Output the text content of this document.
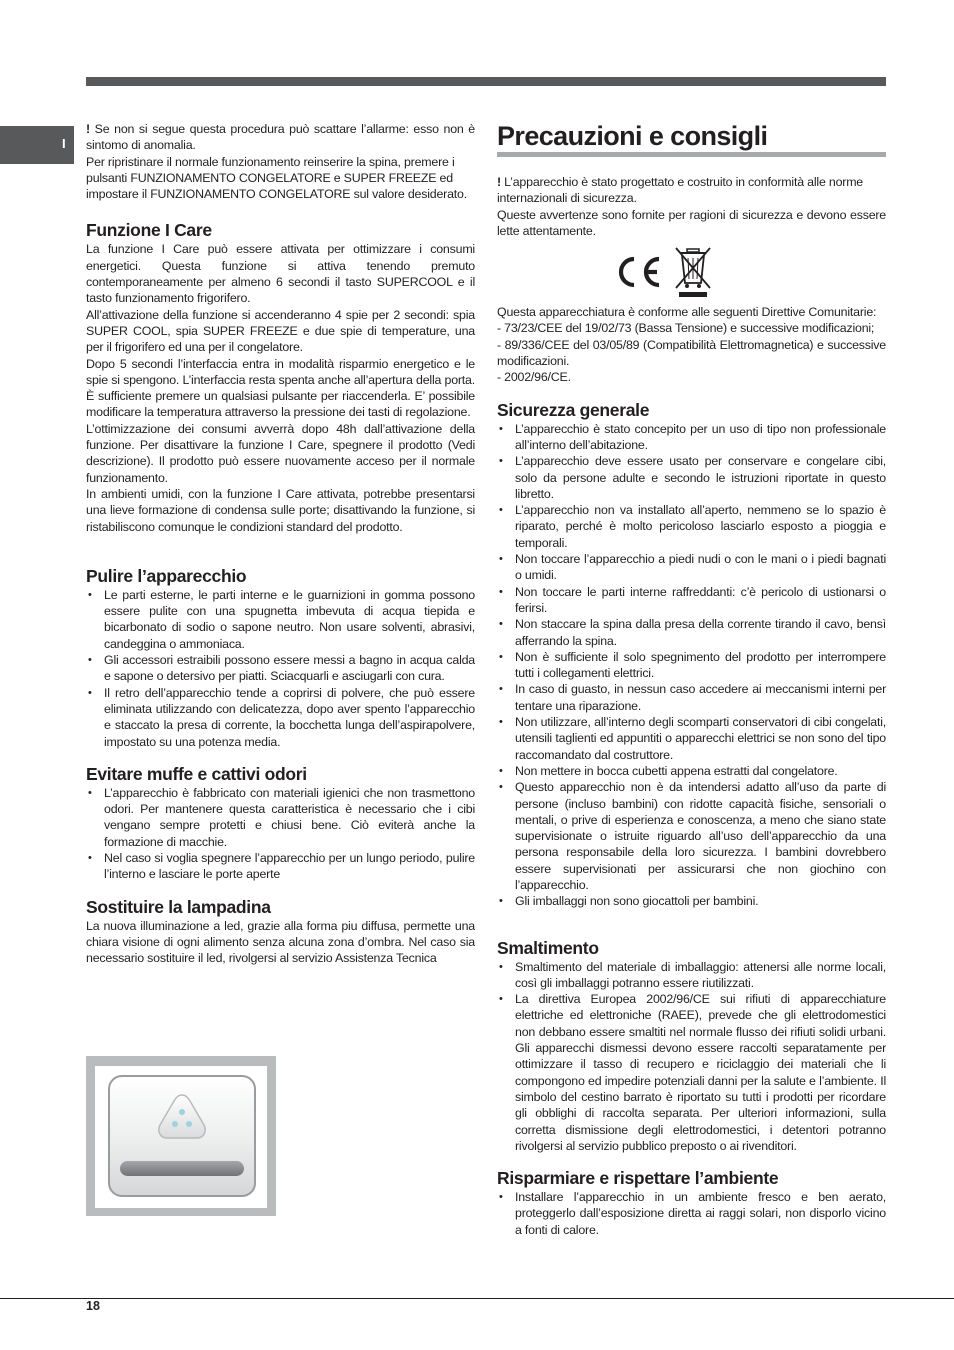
I

! Se non si segue questa procedura può scattare l’allarme: esso non è sintomo di anomalia.

Per ripristinare il normale funzionamento reinserire la spina, premere i pulsanti FUNZIONAMENTO CONGELATORE e SUPER FREEZE ed impostare il FUNZIONAMENTO CONGELATORE sul valore desiderato.

Funzione I Care

La funzione I Care può essere attivata per ottimizzare i consumi energetici. Questa funzione si attiva tenendo premuto contemporaneamente per almeno 6 secondi il tasto SUPERCOOL e il tasto funzionamento frigorifero.

All’attivazione della funzione si accenderanno 4 spie per 2 secondi: spia SUPER COOL, spia SUPER FREEZE e due spie di temperature, una per il frigorifero ed una per il congelatore.

Dopo 5 secondi l’interfaccia entra in modalità risparmio energetico e le spie si spengono. L’interfaccia resta spenta anche all’apertura della porta. È sufficiente premere un qualsiasi pulsante per riaccenderla. E’ possibile modificare la temperatura attraverso la pressione dei tasti di regolazione.

L’ottimizzazione dei consumi avverrà dopo 48h dall’attivazione della funzione. Per disattivare la funzione I Care, spegnere il prodotto (Vedi descrizione). Il prodotto può essere nuovamente acceso per il normale funzionamento.

In ambienti umidi, con la funzione I Care attivata, potrebbe presentarsi una lieve formazione di condensa sulle porte; disattivando la funzione, si ristabiliscono comunque le condizioni standard del prodotto.

Pulire l’apparecchio
• Le parti esterne, le parti interne e le guarnizioni in gomma possono essere pulite con una spugnetta imbevuta di acqua tiepida e bicarbonato di sodio o sapone neutro. Non usare solventi, abrasivi, candeggina o ammoniaca.
• Gli accessori estraibili possono essere messi a bagno in acqua calda e sapone o detersivo per piatti. Sciacquarli e asciugarli con cura.
• Il retro dell’apparecchio tende a coprirsi di polvere, che può essere eliminata utilizzando con delicatezza, dopo aver spento l’apparecchio e staccato la presa di corrente, la bocchetta lunga dell’aspirapolvere, impostato su una potenza media.
Evitare muffe e cattivi odori
• L’apparecchio è fabbricato con materiali igienici che non trasmettono odori. Per mantenere questa caratteristica è necessario che i cibi vengano sempre protetti e chiusi bene. Ciò eviterà anche la formazione di macchie.
• Nel caso si voglia spegnere l’apparecchio per un lungo periodo, pulire l’interno e lasciare le porte aperte
Sostituire la lampadina

La nuova illuminazione a led, grazie alla forma piu diffusa, permette una chiara visione di ogni alimento senza alcuna zona d’ombra. Nel caso sia necessario sostituire il led, rivolgersi al servizio Assistenza Tecnica

Precauzioni e consigli

! L’apparecchio è stato progettato e costruito in conformità alle norme internazionali di sicurezza.

Queste avvertenze sono fornite per ragioni di sicurezza e devono essere lette attentamente.

Questa apparecchiatura è conforme alle seguenti Direttive Comunitarie:

- 73/23/CEE del 19/02/73 (Bassa Tensione) e successive modificazioni;

- 89/336/CEE del 03/05/89 (Compatibilità Elettromagnetica) e successive modificazioni.

- 2002/96/CE.

Sicurezza generale
• L’apparecchio è stato concepito per un uso di tipo non professionale all’interno dell’abitazione.
• L’apparecchio deve essere usato per conservare e congelare cibi, solo da persone adulte e secondo le istruzioni riportate in questo libretto.
• L’apparecchio non va installato all’aperto, nemmeno se lo spazio è riparato, perché è molto pericoloso lasciarlo esposto a pioggia e temporali.
• Non toccare l’apparecchio a piedi nudi o con le mani o i piedi bagnati o umidi.
• Non toccare le parti interne raffreddanti: c’è pericolo di ustionarsi o ferirsi.
• Non staccare la spina dalla presa della corrente tirando il cavo, bensì afferrando la spina.
• Non è sufficiente il solo spegnimento del prodotto per interrompere tutti i collegamenti elettrici.
• In caso di guasto, in nessun caso accedere ai meccanismi interni per tentare una riparazione.
• Non utilizzare, all’interno degli scomparti conservatori di cibi congelati, utensili taglienti ed appuntiti o apparecchi elettrici se non sono del tipo raccomandato dal costruttore.
• Non mettere in bocca cubetti appena estratti dal congelatore.
• Questo apparecchio non è da intendersi adatto all’uso da parte di persone (incluso bambini) con ridotte capacità fisiche, sensoriali o mentali, o prive di esperienza e conoscenza, a meno che siano state supervisionate o istruite riguardo all’uso dell’apparecchio da una persona responsabile della loro sicurezza. I bambini dovrebbero essere supervisionati per assicurarsi che non giochino con l’apparecchio.
• Gli imballaggi non sono giocattoli per bambini.
Smaltimento
• Smaltimento del materiale di imballaggio: attenersi alle norme locali, così gli imballaggi potranno essere riutilizzati.
• La direttiva Europea 2002/96/CE sui rifiuti di apparecchiature elettriche ed elettroniche (RAEE), prevede che gli elettrodomestici non debbano essere smaltiti nel normale flusso dei rifiuti solidi urbani. Gli apparecchi dismessi devono essere raccolti separatamente per ottimizzare il tasso di recupero e riciclaggio dei materiali che li compongono ed impedire potenziali danni per la salute e l’ambiente. Il simbolo del cestino barrato è riportato su tutti i prodotti per ricordare gli obblighi di raccolta separata. Per ulteriori informazioni, sulla corretta dismissione degli elettrodomestici, i detentori potranno rivolgersi al servizio pubblico preposto o ai rivenditori.
Risparmiare e rispettare l’ambiente
• Installare l’apparecchio in un ambiente fresco e ben aerato, proteggerlo dall’esposizione diretta ai raggi solari, non disporlo vicino a fonti di calore.
18
